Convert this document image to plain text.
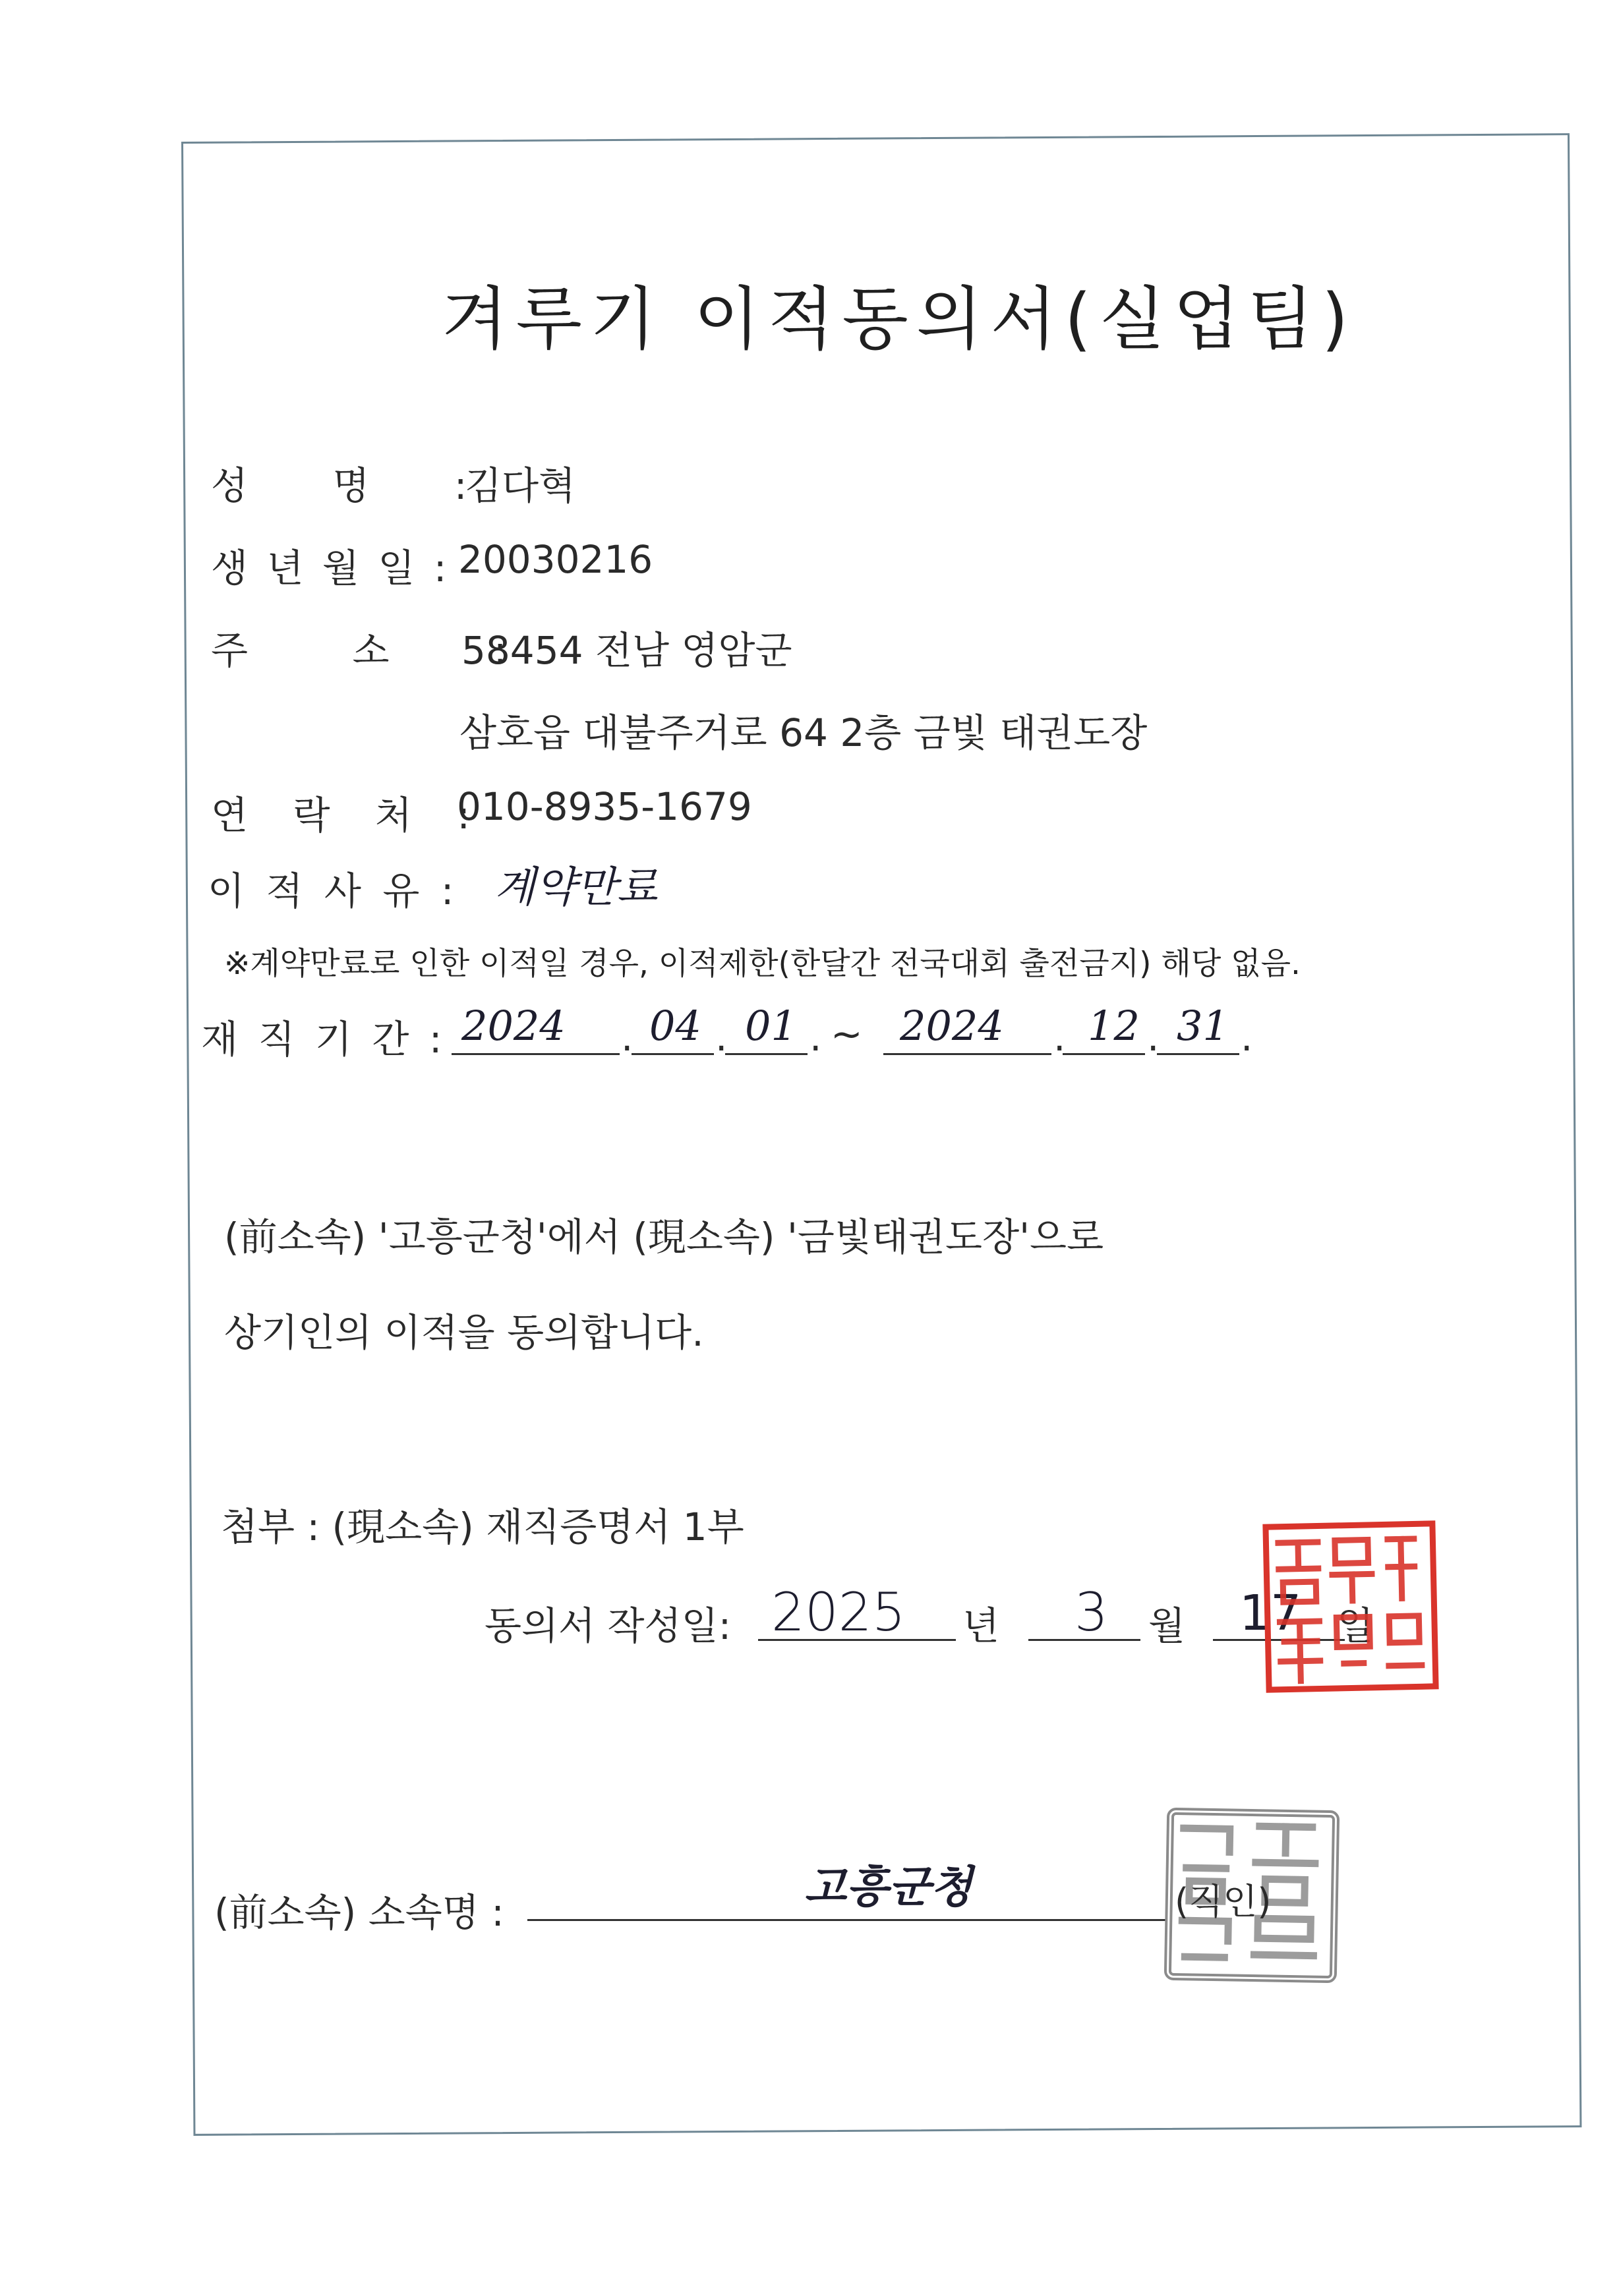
겨루기 이적동의서(실업팀)
성 명 :
김다혁
생 년 월 일 : 20030216
주 소 :
58454 전남 영암군
삼호읍 대불주거로 64 2층 금빛 태권도장
연 락 처 :
010-8935-1679
이 적 사 유 : 계약만료
※계약만료로 인한 이적일 경우, 이적제한(한달간 전국대회 출전금지) 해당 없음.
재 직 기 간 : 2024 . 04 . 01 . ~ 2024 . 12 . 31 .
(前소속) '고흥군청'에서 (現소속) '금빛태권도장'으로
상기인의 이적을 동의합니다.
첨부 : (現소속) 재직증명서 1부
동의서 작성일: 2025 년 3 월 17 일
(前소속) 소속명 :	고흥군청	(직인)
